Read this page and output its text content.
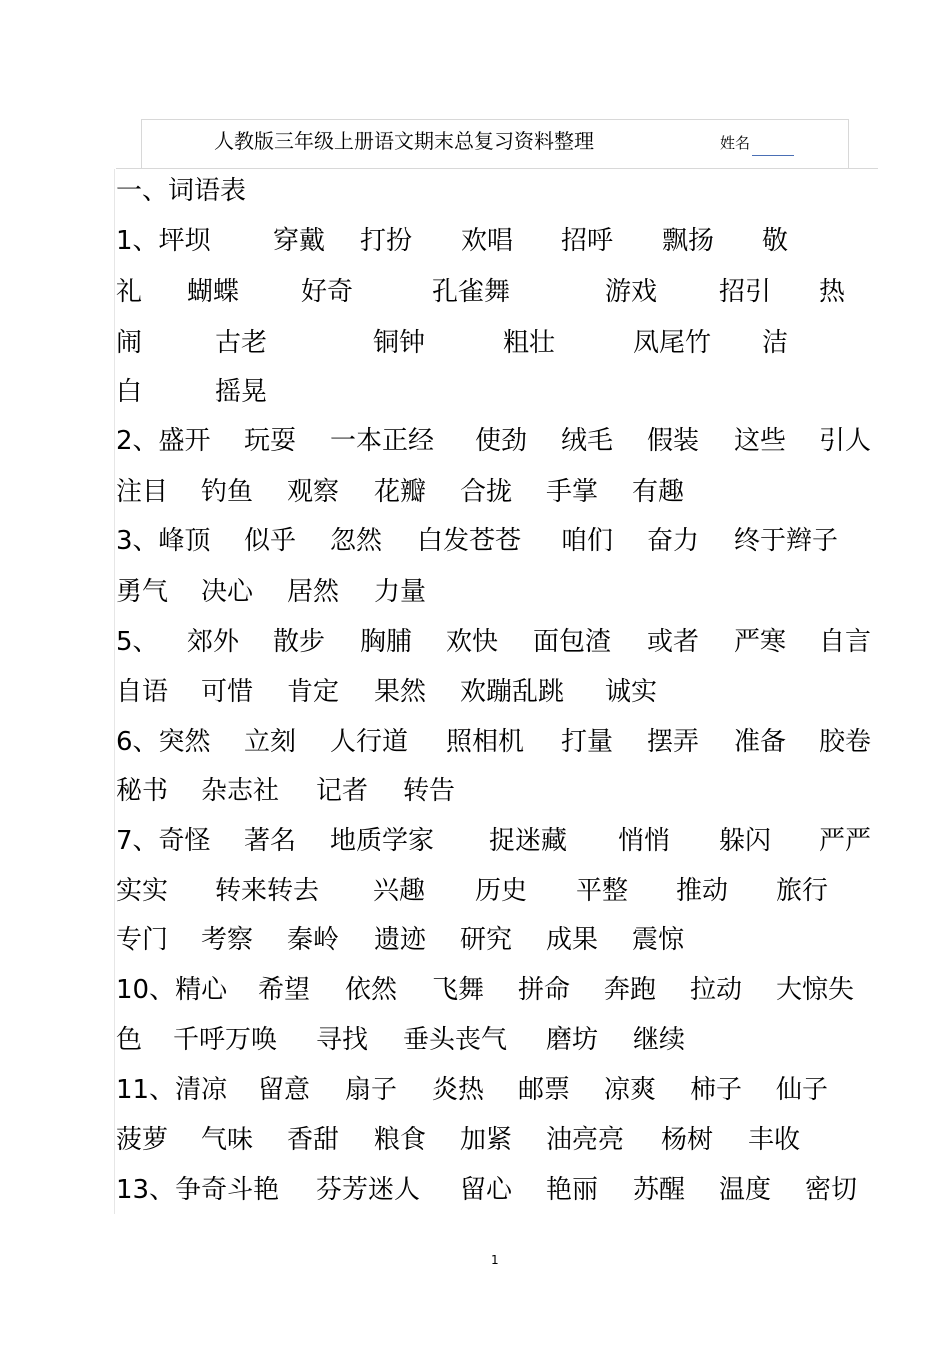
人教版三年级上册语文期末总复习资料整理	姓名
一、词语表
1、坪坝 穿戴 打扮 欢唱 招呼 飘扬 敬
礼 蝴蝶 好奇	孔雀舞	游戏 招引 热
闹	古老	铜钟	粗壮	凤尾竹 洁
白	摇晃
2、盛开 玩耍 一本正经 使劲 绒毛 假装 这些 引人
注目 钓鱼 观察 花瓣 合拢 手掌 有趣
3、峰顶 似乎 忽然 白发苍苍 咱们 奋力 终于辫子
勇气 决心 居然 力量
5、 郊外 散步 胸脯 欢快 面包渣 或者 严寒 自言
自语 可惜 肯定 果然 欢蹦乱跳 诚实
6、突然 立刻 人行道 照相机 打量 摆弄 准备 胶卷
秘书 杂志社 记者 转告
7、奇怪 著名 地质学家 捉迷藏 悄悄 躲闪 严严
实实 转来转去 兴趣 历史 平整 推动 旅行
专门 考察 秦岭 遗迹 研究 成果 震惊
10、精心 希望 依然 飞舞 拼命 奔跑 拉动 大惊失
色 千呼万唤 寻找 垂头丧气 磨坊 继续
11、清凉 留意 扇子 炎热 邮票 凉爽 柿子 仙子
菠萝 气味 香甜 粮食 加紧 油亮亮 杨树 丰收
13、争奇斗艳 芬芳迷人 留心 艳丽 苏醒 温度 密切
1
